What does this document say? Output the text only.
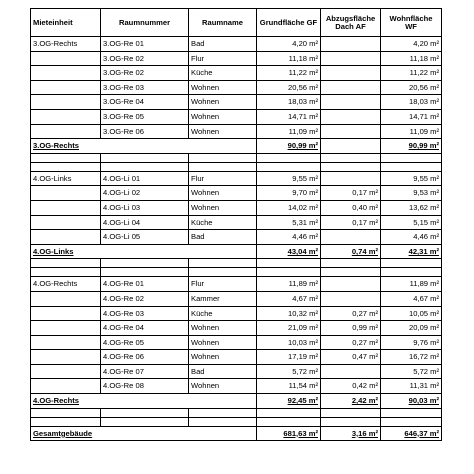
Mieteinheit	Raumnummer	Raumname	Grundfläche GF	Abzugsfläche Dach AF	Wohnfläche WF
3.OG-Rechts	3.OG-Re 01	Bad	4,20 m²		4,20 m²
	3.OG-Re 02	Flur	11,18 m²		11,18 m²
	3.OG-Re 02	Küche	11,22 m²		11,22 m²
	3.OG-Re 03	Wohnen	20,56 m²		20,56 m²
	3.OG-Re 04	Wohnen	18,03 m²		18,03 m²
	3.OG-Re 05	Wohnen	14,71 m²		14,71 m²
	3.OG-Re 06	Wohnen	11,09 m²		11,09 m²
3.OG-Rechts			90,99 m²		90,99 m²

4.OG-Links	4.OG-Li 01	Flur	9,55 m²		9,55 m²
	4.OG-Li 02	Wohnen	9,70 m²	0,17 m²	9,53 m²
	4.OG-Li 03	Wohnen	14,02 m²	0,40 m²	13,62 m²
	4.OG-Li 04	Küche	5,31 m²	0,17 m²	5,15 m²
	4.OG-Li 05	Bad	4,46 m²		4,46 m²
4.OG-Links			43,04 m²	0,74 m²	42,31 m²

4.OG-Rechts	4.OG-Re 01	Flur	11,89 m²		11,89 m²
	4.OG-Re 02	Kammer	4,67 m²		4,67 m²
	4.OG-Re 03	Küche	10,32 m²	0,27 m²	10,05 m²
	4.OG-Re 04	Wohnen	21,09 m²	0,99 m²	20,09 m²
	4.OG-Re 05	Wohnen	10,03 m²	0,27 m²	9,76 m²
	4.OG-Re 06	Wohnen	17,19 m²	0,47 m²	16,72 m²
	4.OG-Re 07	Bad	5,72 m²		5,72 m²
	4.OG-Re 08	Wohnen	11,54 m²	0,42 m²	11,31 m²
4.OG-Rechts			92,45 m²	2,42 m²	90,03 m²

Gesamtgebäude			681,63 m²	3,16 m²	646,37 m²
